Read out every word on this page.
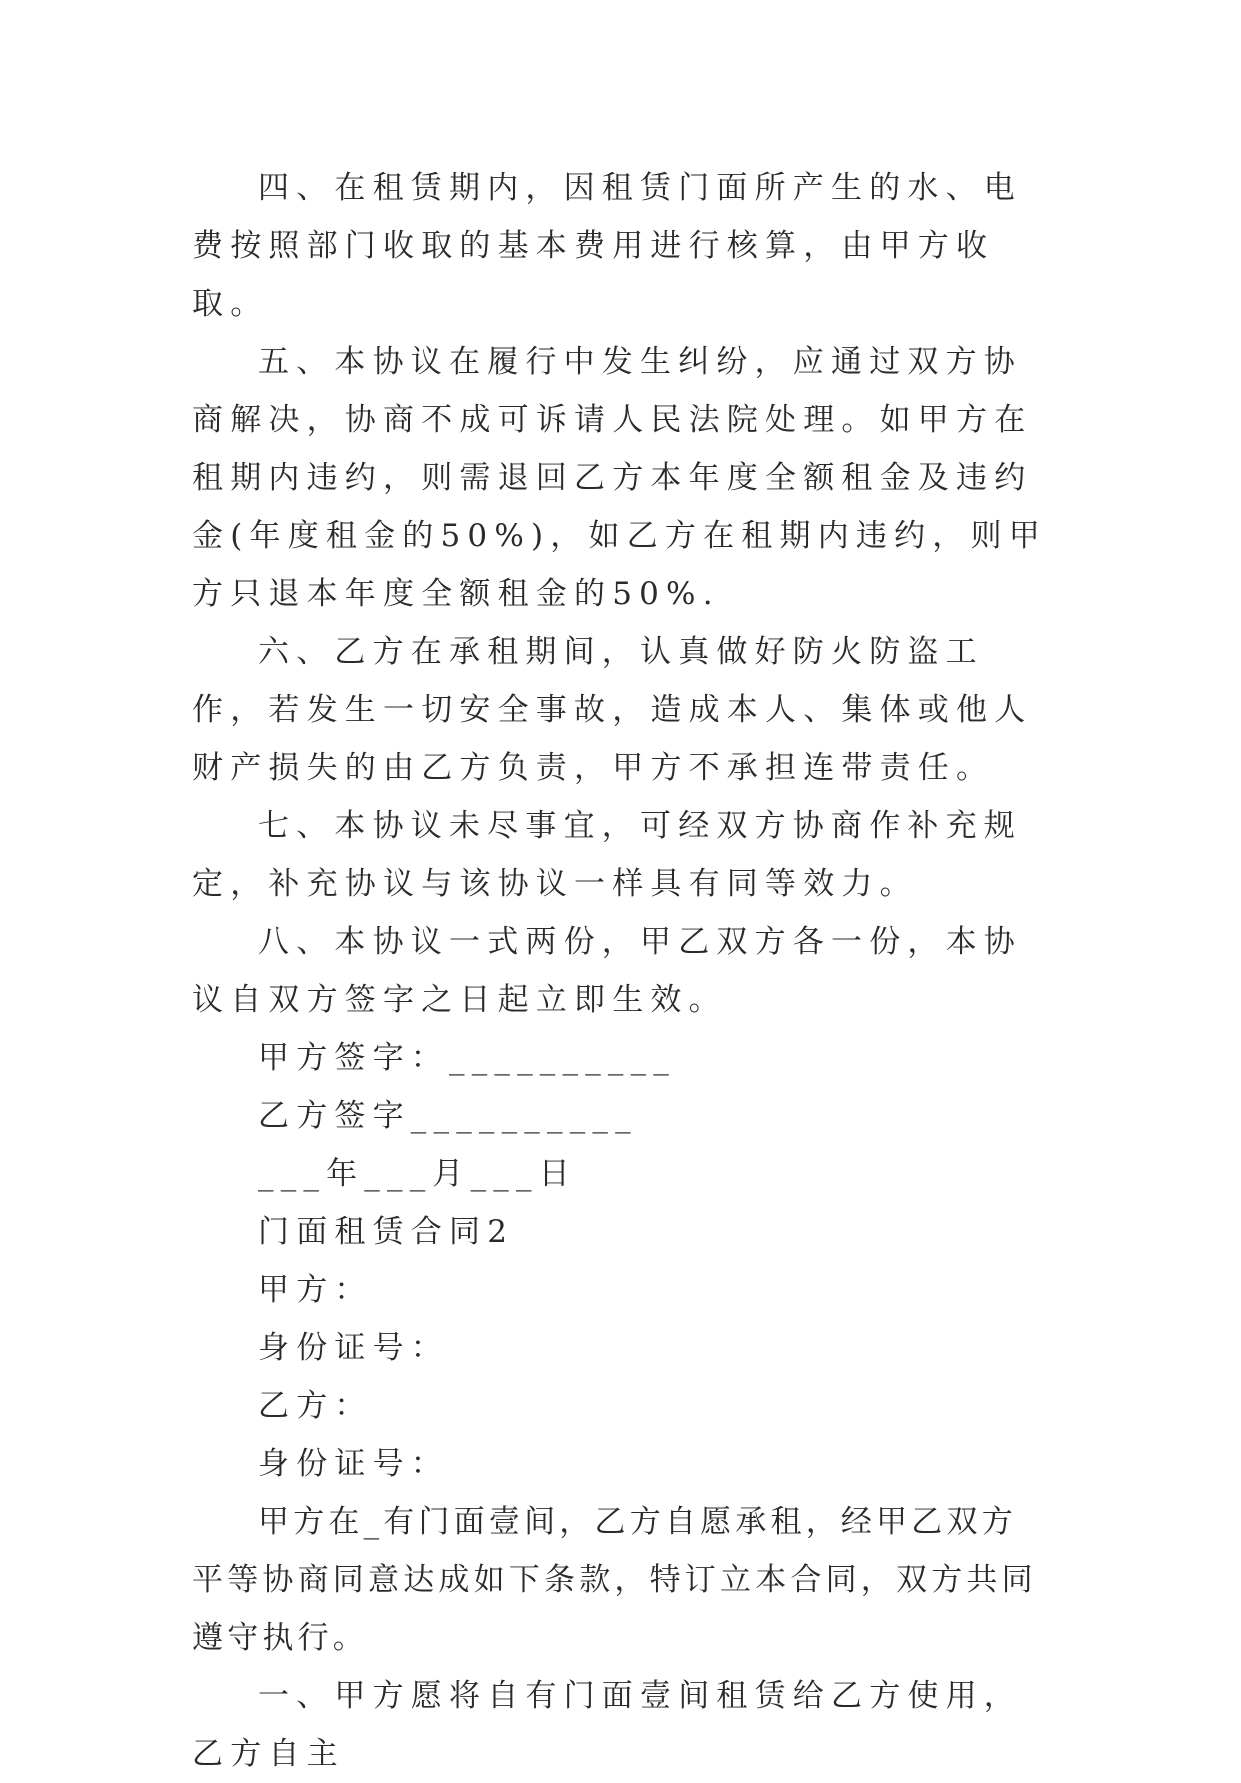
四、在租赁期内，因租赁门面所产生的水、电费按照部门收取的基本费用进行核算，由甲方收取。

五、本协议在履行中发生纠纷，应通过双方协商解决，协商不成可诉请人民法院处理。如甲方在租期内违约，则需退回乙方本年度全额租金及违约金(年度租金的50%)，如乙方在租期内违约，则甲方只退本年度全额租金的50%.

六、乙方在承租期间，认真做好防火防盗工作，若发生一切安全事故，造成本人、集体或他人财产损失的由乙方负责，甲方不承担连带责任。

七、本协议未尽事宜，可经双方协商作补充规定，补充协议与该协议一样具有同等效力。

八、本协议一式两份，甲乙双方各一份，本协议自双方签字之日起立即生效。

甲方签字：__________

乙方签字__________

___年___月___日

门面租赁合同2

甲方：

身份证号：

乙方：

身份证号：

甲方在_有门面壹间，乙方自愿承租，经甲乙双方平等协商同意达成如下条款，特订立本合同，双方共同遵守执行。

一、甲方愿将自有门面壹间租赁给乙方使用，乙方自主
